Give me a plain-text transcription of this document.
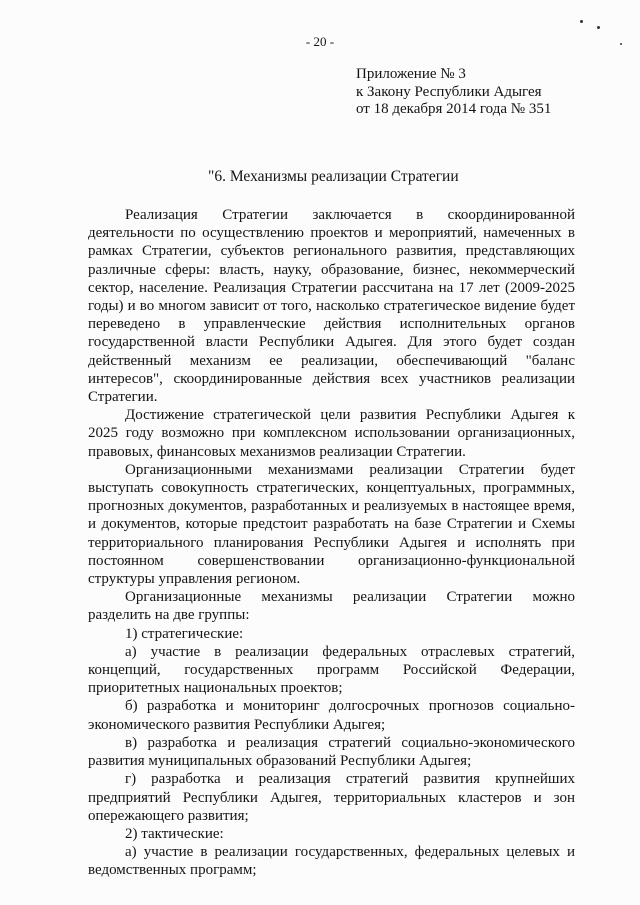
- 20 -
Приложение № 3
к Закону Республики Адыгея
от 18 декабря 2014 года № 351
"6. Механизмы реализации Стратегии

Реализация Стратегии заключается в скоординированной деятельности по осуществлению проектов и мероприятий, намеченных в рамках Стратегии, субъектов регионального развития, представляющих различные сферы: власть, науку, образование, бизнес, некоммерческий сектор, население. Реализация Стратегии рассчитана на 17 лет (2009-2025 годы) и во многом зависит от того, насколько стратегическое видение будет переведено в управленческие действия исполнительных органов государственной власти Республики Адыгея. Для этого будет создан действенный механизм ее реализации, обеспечивающий "баланс интересов", скоординированные действия всех участников реализации Стратегии.

Достижение стратегической цели развития Республики Адыгея к 2025 году возможно при комплексном использовании организационных, правовых, финансовых механизмов реализации Стратегии.

Организационными механизмами реализации Стратегии будет выступать совокупность стратегических, концептуальных, программных, прогнозных документов, разработанных и реализуемых в настоящее время, и документов, которые предстоит разработать на базе Стратегии и Схемы территориального планирования Республики Адыгея и исполнять при постоянном совершенствовании организационно-функциональной структуры управления регионом.

Организационные механизмы реализации Стратегии можно разделить на две группы:

1) стратегические:

а) участие в реализации федеральных отраслевых стратегий, концепций, государственных программ Российской Федерации, приоритетных национальных проектов;

б) разработка и мониторинг долгосрочных прогнозов социально-экономического развития Республики Адыгея;

в) разработка и реализация стратегий социально-экономического развития муниципальных образований Республики Адыгея;

г) разработка и реализация стратегий развития крупнейших предприятий Республики Адыгея, территориальных кластеров и зон опережающего развития;

2) тактические:

а) участие в реализации государственных, федеральных целевых и ведомственных программ;
